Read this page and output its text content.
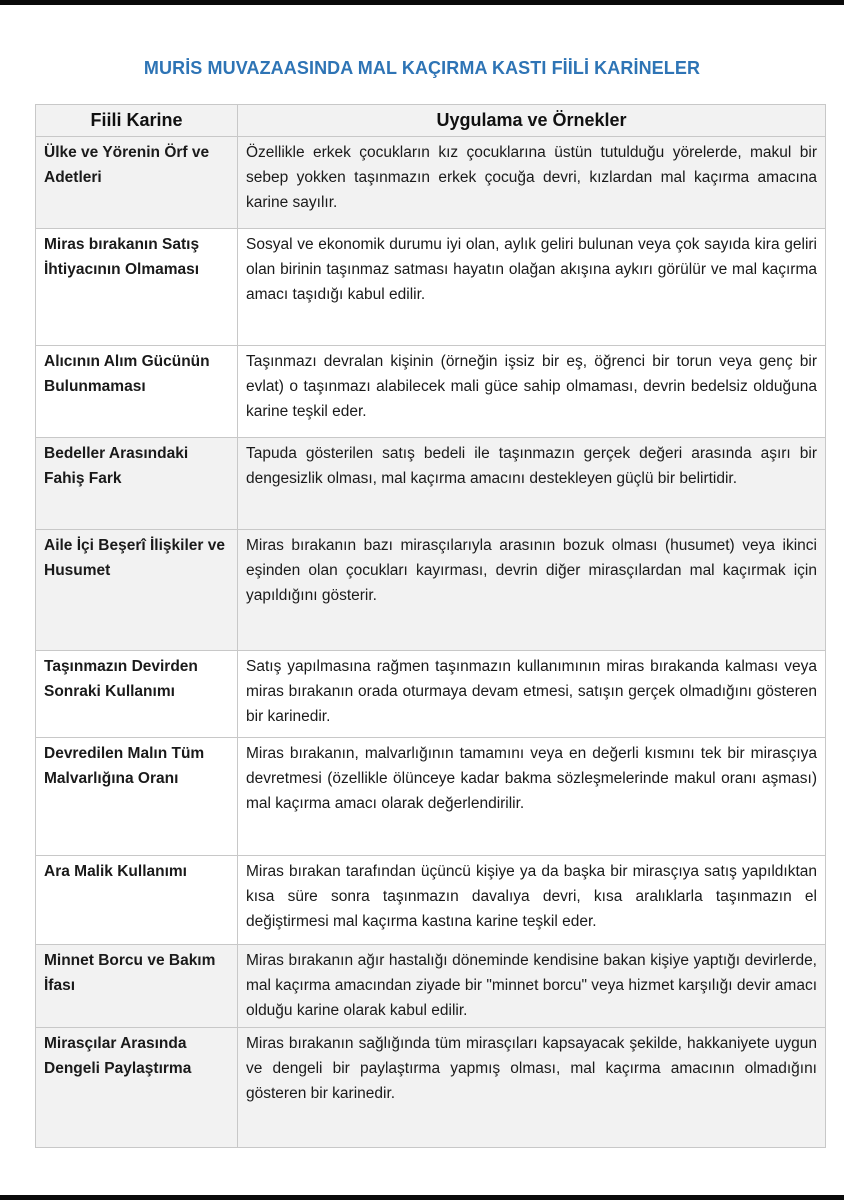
MURİS MUVAZAASINDA MAL KAÇIRMA KASTI FİİLİ KARİNELER
Fiili Karine	Uygulama ve Örnekler
Ülke ve Yörenin Örf ve Adetleri	Özellikle erkek çocukların kız çocuklarına üstün tutulduğu yörelerde, makul bir sebep yokken taşınmazın erkek çocuğa devri, kızlardan mal kaçırma amacına karine sayılır.
Miras bırakanın Satış İhtiyacının Olmaması	Sosyal ve ekonomik durumu iyi olan, aylık geliri bulunan veya çok sayıda kira geliri olan birinin taşınmaz satması hayatın olağan akışına aykırı görülür ve mal kaçırma amacı taşıdığı kabul edilir.
Alıcının Alım Gücünün Bulunmaması	Taşınmazı devralan kişinin (örneğin işsiz bir eş, öğrenci bir torun veya genç bir evlat) o taşınmazı alabilecek mali güce sahip olmaması, devrin bedelsiz olduğuna karine teşkil eder.
Bedeller Arasındaki Fahiş Fark	Tapuda gösterilen satış bedeli ile taşınmazın gerçek değeri arasında aşırı bir dengesizlik olması, mal kaçırma amacını destekleyen güçlü bir belirtidir.
Aile İçi Beşerî İlişkiler ve Husumet	Miras bırakanın bazı mirasçılarıyla arasının bozuk olması (husumet) veya ikinci eşinden olan çocukları kayırması, devrin diğer mirasçılardan mal kaçırmak için yapıldığını gösterir.
Taşınmazın Devirden Sonraki Kullanımı	Satış yapılmasına rağmen taşınmazın kullanımının miras bırakanda kalması veya miras bırakanın orada oturmaya devam etmesi, satışın gerçek olmadığını gösteren bir karinedir.
Devredilen Malın Tüm Malvarlığına Oranı	Miras bırakanın, malvarlığının tamamını veya en değerli kısmını tek bir mirasçıya devretmesi (özellikle ölünceye kadar bakma sözleşmelerinde makul oranı aşması) mal kaçırma amacı olarak değerlendirilir.
Ara Malik Kullanımı	Miras bırakan tarafından üçüncü kişiye ya da başka bir mirasçıya satış yapıldıktan kısa süre sonra taşınmazın davalıya devri, kısa aralıklarla taşınmazın el değiştirmesi mal kaçırma kastına karine teşkil eder.
Minnet Borcu ve Bakım İfası	Miras bırakanın ağır hastalığı döneminde kendisine bakan kişiye yaptığı devirlerde, mal kaçırma amacından ziyade bir "minnet borcu" veya hizmet karşılığı devir amacı olduğu karine olarak kabul edilir.
Mirasçılar Arasında Dengeli Paylaştırma	Miras bırakanın sağlığında tüm mirasçıları kapsayacak şekilde, hakkaniyete uygun ve dengeli bir paylaştırma yapmış olması, mal kaçırma amacının olmadığını gösteren bir karinedir.
